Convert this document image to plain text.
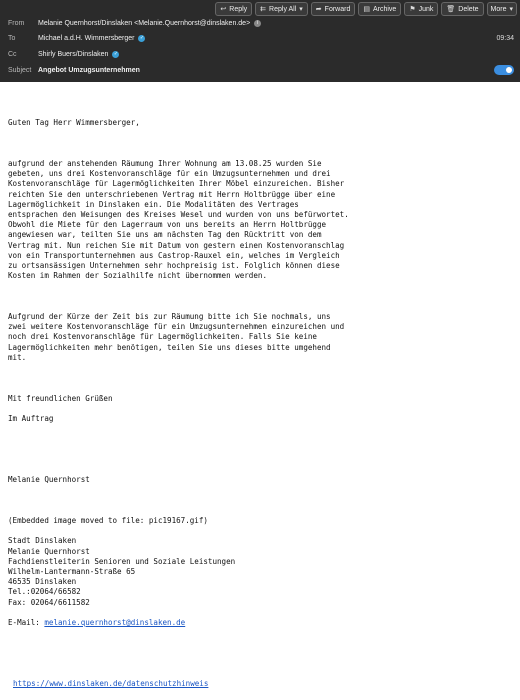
↩ Reply ⇇ Reply All ▾ ➦ Forward ▤ Archive ⚑ Junk 🗑 Delete More ▾
From Melanie Quernhorst/Dinslaken <Melanie.Quernhorst@dinslaken.de>	i
To	Michael a.d.H. Wimmersberger ✓	09:34
Cc	Shirly Buers/Dinslaken ✓
Subject Angebot Umzugsunternehmen

Guten Tag Herr Wimmersberger,

aufgrund der anstehenden Räumung Ihrer Wohnung am 13.08.25 wurden Sie
gebeten, uns drei Kostenvoranschläge für ein Umzugsunternehmen und drei
Kostenvoranschläge für Lagermöglichkeiten Ihrer Möbel einzureichen. Bisher
reichten Sie den unterschriebenen Vertrag mit Herrn Holtbrügge über eine
Lagermöglichkeit in Dinslaken ein. Die Modalitäten des Vertrages
entsprachen den Weisungen des Kreises Wesel und wurden von uns befürwortet.
Obwohl die Miete für den Lagerraum von uns bereits an Herrn Holtbrügge
angewiesen war, teilten Sie uns am nächsten Tag den Rücktritt von dem
Vertrag mit. Nun reichen Sie mit Datum von gestern einen Kostenvoranschlag
von ein Transportunternehmen aus Castrop-Rauxel ein, welches im Vergleich
zu ortsansässigen Unternehmen sehr hochpreisig ist. Folglich können diese
Kosten im Rahmen der Sozialhilfe nicht übernommen werden.

Aufgrund der Kürze der Zeit bis zur Räumung bitte ich Sie nochmals, uns
zwei weitere Kostenvoranschläge für ein Umzugsunternehmen einzureichen und
noch drei Kostenvoranschläge für Lagermöglichkeiten. Falls Sie keine
Lagermöglichkeiten mehr benötigen, teilen Sie uns dieses bitte umgehend
mit.

Mit freundlichen Grüßen

Im Auftrag

Melanie Quernhorst

(Embedded image moved to file: pic19167.gif)

Stadt Dinslaken
Melanie Quernhorst
Fachdienstleiterin Senioren und Soziale Leistungen
Wilhelm-Lantermann-Straße 65
46535 Dinslaken
Tel.:02064/66582
Fax: 02064/6611582

E-Mail: melanie.quernhorst@dinslaken.de

https://www.dinslaken.de/datenschutzhinweis
